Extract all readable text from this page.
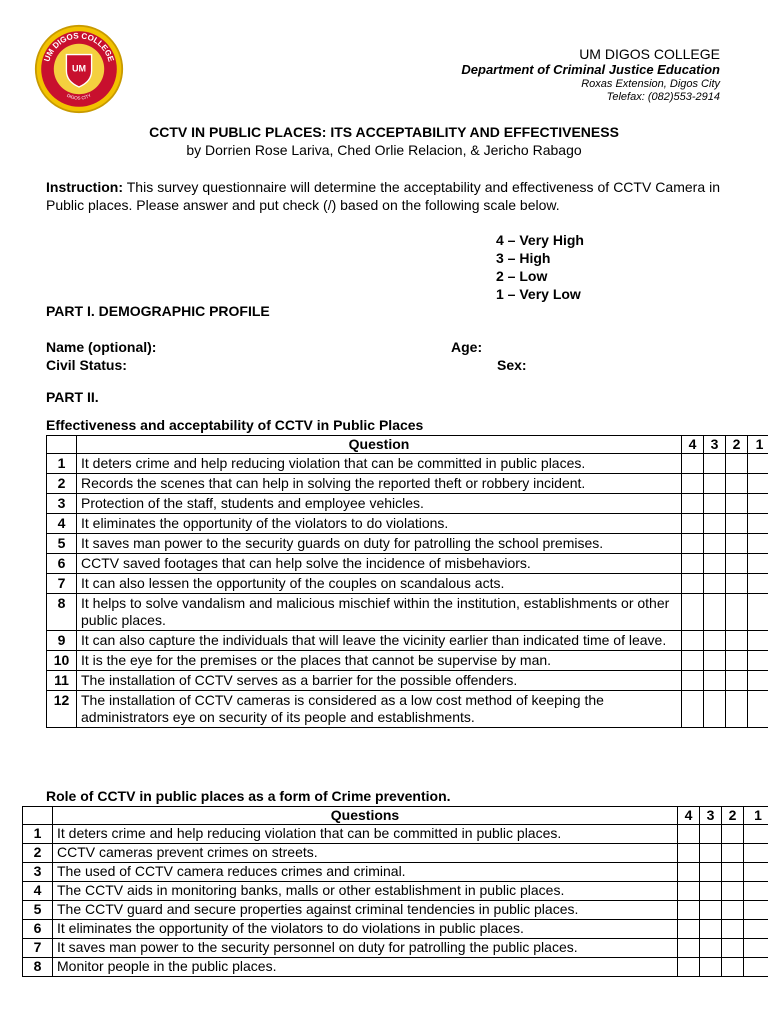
UM
UM DIGOS COLLEGE
DIGOS CITY
UM DIGOS COLLEGE
Department of Criminal Justice Education
Roxas Extension, Digos City
Telefax: (082)553-2914
CCTV IN PUBLIC PLACES: ITS ACCEPTABILITY AND EFFECTIVENESS
by Dorrien Rose Lariva, Ched Orlie Relacion, & Jericho Rabago
Instruction: This survey questionnaire will determine the acceptability and effectiveness of CCTV Camera in Public places. Please answer and put check (/) based on the following scale below.
4 – Very High
3 – High
2 – Low
1 – Very Low
PART I. DEMOGRAPHIC PROFILE
Name (optional):	Age:
Civil Status:	Sex:
PART II.
Effectiveness and acceptability of CCTV in Public Places
	Question	4	3	2	1
1	It deters crime and help reducing violation that can be committed in public places.				
2	Records the scenes that can help in solving the reported theft or robbery incident.				
3	Protection of the staff, students and employee vehicles.				
4	It eliminates the opportunity of the violators to do violations.				
5	It saves man power to the security guards on duty for patrolling the school premises.				
6	CCTV saved footages that can help solve the incidence of misbehaviors.				
7	It can also lessen the opportunity of the couples on scandalous acts.				
8	It helps to solve vandalism and malicious mischief within the institution, establishments or other public places.				
9	It can also capture the individuals that will leave the vicinity earlier than indicated time of leave.				
10	It is the eye for the premises or the places that cannot be supervise by man.				
11	The installation of CCTV serves as a barrier for the possible offenders.				
12	The installation of CCTV cameras is considered as a low cost method of keeping the administrators eye on security of its people and establishments.				
Role of CCTV in public places as a form of Crime prevention.
	Questions	4	3	2	1
1	It deters crime and help reducing violation that can be committed in public places.				
2	CCTV cameras prevent crimes on streets.				
3	The used of CCTV camera reduces crimes and criminal.				
4	The CCTV aids in monitoring banks, malls or other establishment in public places.				
5	The CCTV guard and secure properties against criminal tendencies in public places.				
6	It eliminates the opportunity of the violators to do violations in public places.				
7	It saves man power to the security personnel on duty for patrolling the public places.				
8	Monitor people in the public places.				
